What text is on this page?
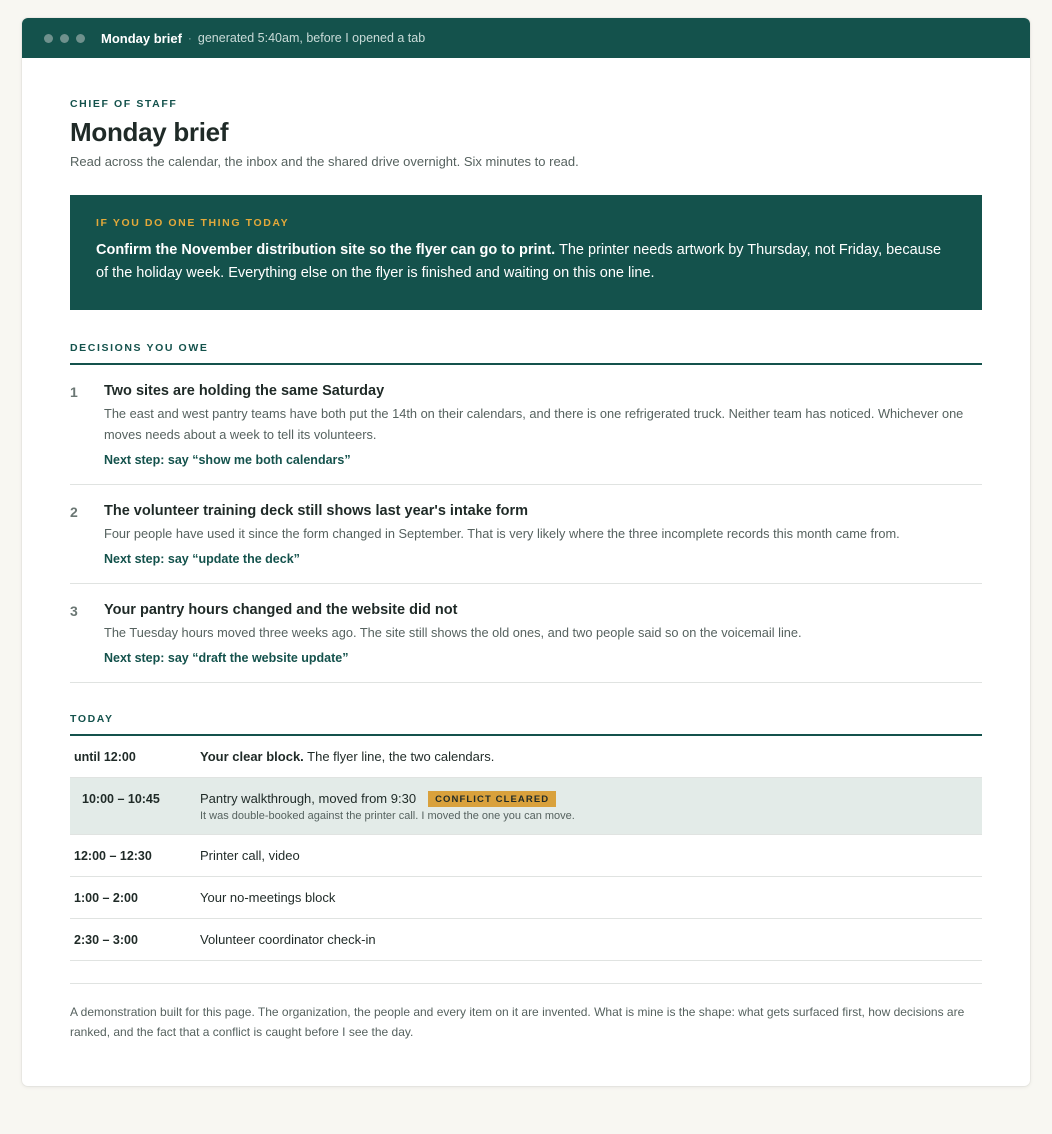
Monday brief · generated 5:40am, before I opened a tab
CHIEF OF STAFF
Monday brief

Read across the calendar, the inbox and the shared drive overnight. Six minutes to read.

IF YOU DO ONE THING TODAY

Confirm the November distribution site so the flyer can go to print. The printer needs artwork by Thursday, not Friday, because of the holiday week. Everything else on the flyer is finished and waiting on this one line.

DECISIONS YOU OWE
1	Two sites are holding the same Saturday
The east and west pantry teams have both put the 14th on their calendars, and there is one refrigerated truck. Neither team has noticed. Whichever one moves needs about a week to tell its volunteers.
Next step: say “show me both calendars”
2	The volunteer training deck still shows last year's intake form
Four people have used it since the form changed in September. That is very likely where the three incomplete records this month came from.
Next step: say “update the deck”
3	Your pantry hours changed and the website did not
The Tuesday hours moved three weeks ago. The site still shows the old ones, and two people said so on the voicemail line.
Next step: say “draft the website update”
TODAY
until 12:00	Your clear block. The flyer line, the two calendars.
10:00 – 10:45	Pantry walkthrough, moved from 9:30 CONFLICT CLEARED
It was double-booked against the printer call. I moved the one you can move.
12:00 – 12:30	Printer call, video
1:00 – 2:00	Your no-meetings block
2:30 – 3:00	Volunteer coordinator check-in

A demonstration built for this page. The organization, the people and every item on it are invented. What is mine is the shape: what gets surfaced first, how decisions are ranked, and the fact that a conflict is caught before I see the day.
